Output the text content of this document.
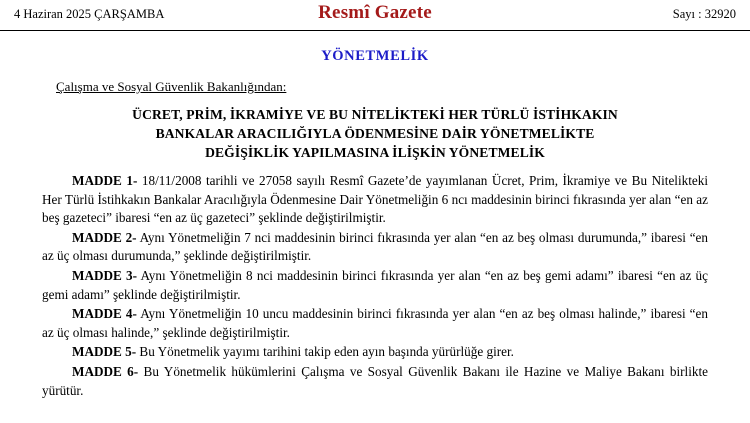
4 Haziran 2025 ÇARŞAMBA	Resmî Gazete	Sayı : 32920
YÖNETMELİK
Çalışma ve Sosyal Güvenlik Bakanlığından:
ÜCRET, PRİM, İKRAMİYE VE BU NİTELİKTEKİ HER TÜRLÜ İSTİHKAKIN
BANKALAR ARACILIĞIYLA ÖDENMESİNE DAİR YÖNETMELİKTE
DEĞİŞİKLİK YAPILMASINA İLİŞKİN YÖNETMELİK

MADDE 1- 18/11/2008 tarihli ve 27058 sayılı Resmî Gazete’de yayımlanan Ücret, Prim, İkramiye ve Bu Nitelikteki Her Türlü İstihkakın Bankalar Aracılığıyla Ödenmesine Dair Yönetmeliğin 6 ncı maddesinin birinci fıkrasında yer alan “en az beş gazeteci” ibaresi “en az üç gazeteci” şeklinde değiştirilmiştir.

MADDE 2- Aynı Yönetmeliğin 7 nci maddesinin birinci fıkrasında yer alan “en az beş olması durumunda,” ibaresi “en az üç olması durumunda,” şeklinde değiştirilmiştir.

MADDE 3- Aynı Yönetmeliğin 8 nci maddesinin birinci fıkrasında yer alan “en az beş gemi adamı” ibaresi “en az üç gemi adamı” şeklinde değiştirilmiştir.

MADDE 4- Aynı Yönetmeliğin 10 uncu maddesinin birinci fıkrasında yer alan “en az beş olması halinde,” ibaresi “en az üç olması halinde,” şeklinde değiştirilmiştir.

MADDE 5- Bu Yönetmelik yayımı tarihini takip eden ayın başında yürürlüğe girer.

MADDE 6- Bu Yönetmelik hükümlerini Çalışma ve Sosyal Güvenlik Bakanı ile Hazine ve Maliye Bakanı birlikte yürütür.
